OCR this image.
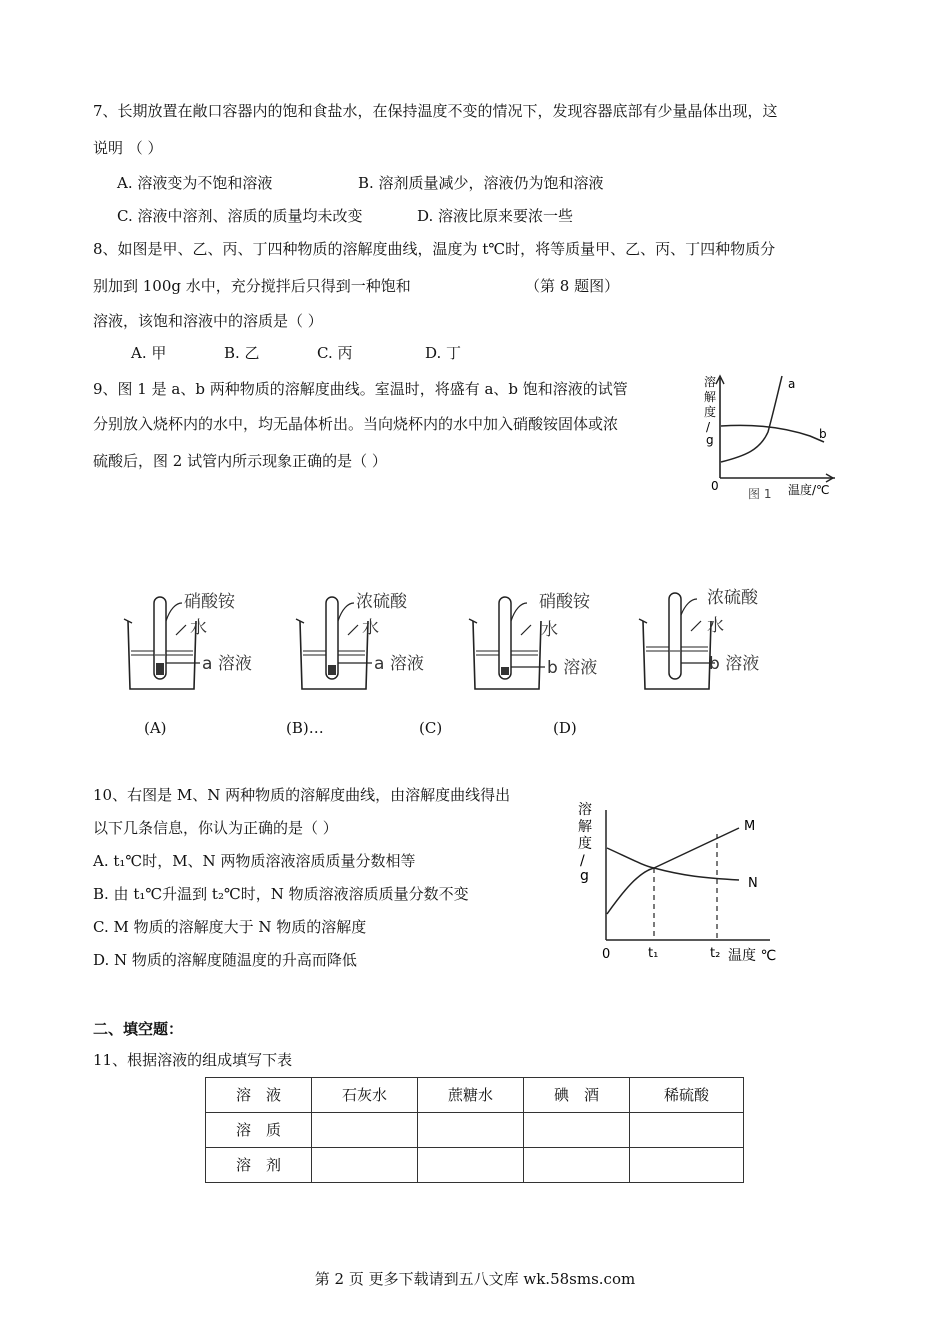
7、长期放置在敞口容器内的饱和食盐水，在保持温度不变的情况下，发现容器底部有少量晶体出现，这
说明 （ ）
A. 溶液变为不饱和溶液	B. 溶剂质量减少，溶液仍为饱和溶液
C. 溶液中溶剂、溶质的质量均未改变	D. 溶液比原来要浓一些
8、如图是甲、乙、丙、丁四种物质的溶解度曲线，温度为 t℃时，将等质量甲、乙、丙、丁四种物质分
别加到 100g 水中，充分搅拌后只得到一种饱和	（第 8 题图）
溶液，该饱和溶液中的溶质是（ ）
A. 甲	B. 乙	C. 丙	D. 丁
9、图 1 是 a、b 两种物质的溶解度曲线。室温时，将盛有 a、b 饱和溶液的试管
分别放入烧杯内的水中，均无晶体析出。当向烧杯内的水中加入硝酸铵固体或浓
硫酸后，图 2 试管内所示现象正确的是（ ）
溶
解
度
/
g
a
b
0
图 1 温度/℃
硝酸铵
水
a 溶液
浓硫酸
水
a 溶液
硝酸铵
水
b 溶液
浓硫酸
水
b 溶液
(A)	(B)…	(C)	(D)
10、右图是 M、N 两种物质的溶解度曲线，由溶解度曲线得出
以下几条信息，你认为正确的是（ ）
A. t₁℃时，M、N 两物质溶液溶质质量分数相等
B. 由 t₁℃升温到 t₂℃时，N 物质溶液溶质质量分数不变
C. M 物质的溶解度大于 N 物质的溶解度
D. N 物质的溶解度随温度的升高而降低
溶
解
度
/
g
M
N
0	t₁	t₂ 温度 ℃
二、填空题：
11、根据溶液的组成填写下表
溶　液	石灰水	蔗糖水	碘　酒	稀硫酸
溶　质				
溶　剂				
第 2 页 更多下载请到五八文库 wk.58sms.com
